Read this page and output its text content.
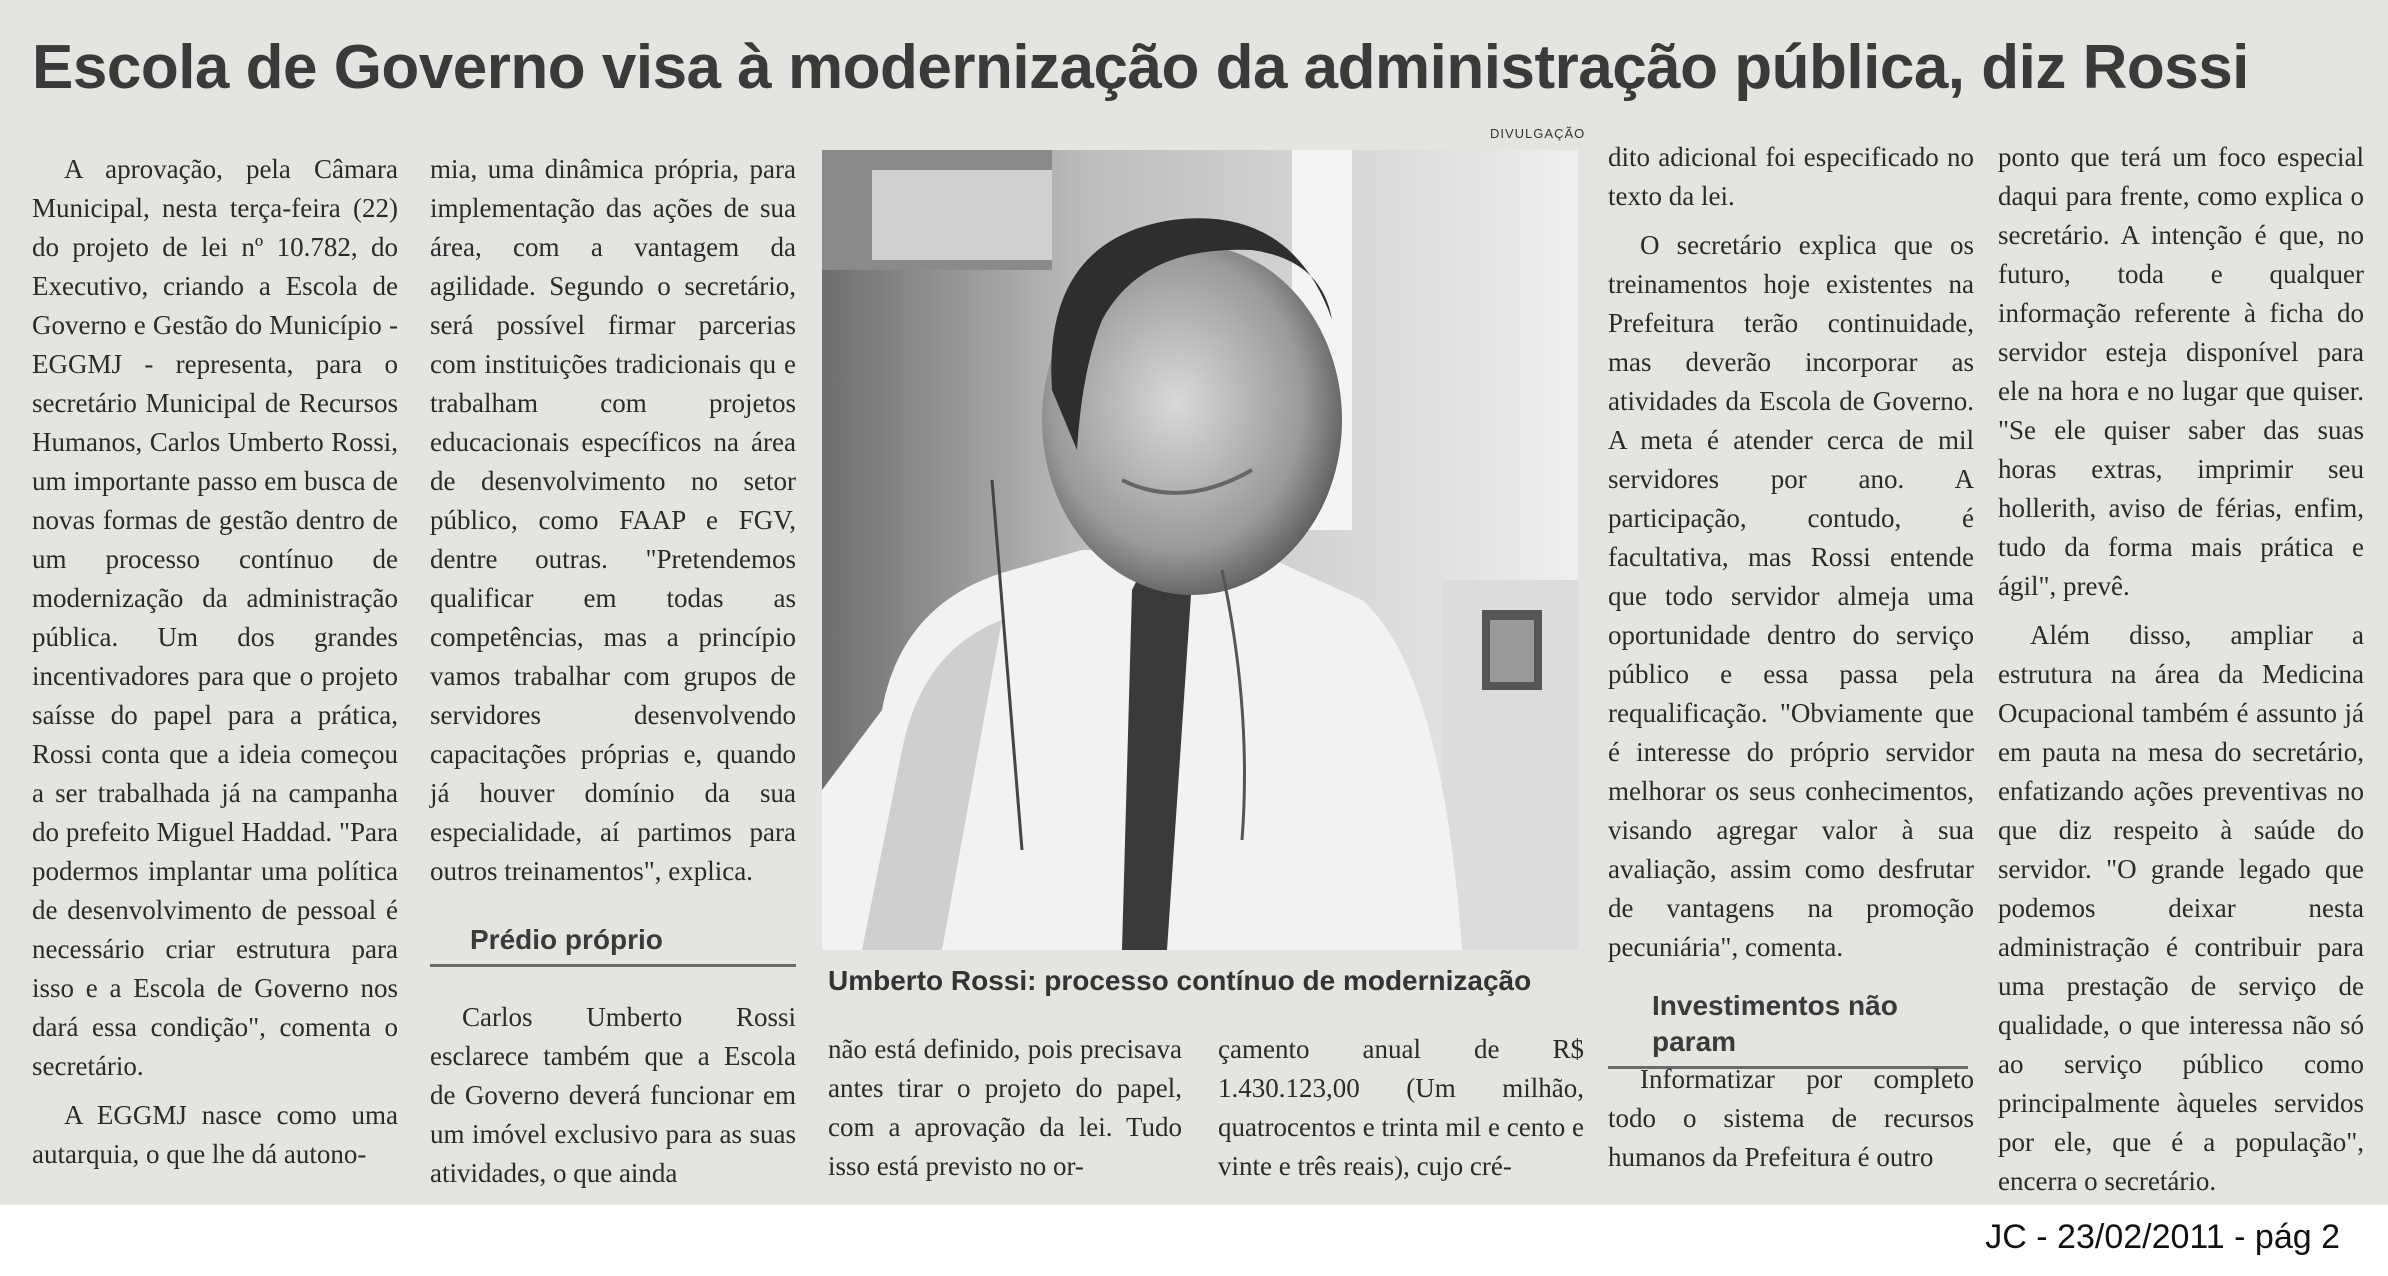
Escola de Governo visa à modernização da administração pública, diz Rossi

A aprovação, pela Câmara Municipal, nesta terça-feira (22) do projeto de lei nº 10.782, do Executivo, criando a Escola de Governo e Gestão do Município -EGGMJ - representa, para o secretário Municipal de Recursos Humanos, Carlos Umberto Rossi, um importante passo em busca de novas formas de gestão dentro de um processo contínuo de modernização da administração pública. Um dos grandes incentivadores para que o projeto saísse do papel para a prática, Rossi conta que a ideia começou a ser trabalhada já na campanha do prefeito Miguel Haddad. "Para podermos implantar uma política de desenvolvimento de pessoal é necessário criar estrutura para isso e a Escola de Governo nos dará essa condição", comenta o secretário.

A EGGMJ nasce como uma autarquia, o que lhe dá autono-

mia, uma dinâmica própria, para implementação das ações de sua área, com a vantagem da agilidade. Segundo o secretário, será possível firmar parcerias com instituições tradicionais qu e trabalham com projetos educacionais específicos na área de desenvolvimento no setor público, como FAAP e FGV, dentre outras. "Pretendemos qualificar em todas as competências, mas a princípio vamos trabalhar com grupos de servidores desenvolvendo capacitações próprias e, quando já houver domínio da sua especialidade, aí partimos para outros treinamentos", explica.

Prédio próprio

Carlos Umberto Rossi esclarece também que a Escola de Governo deverá funcionar em um imóvel exclusivo para as suas atividades, o que ainda

DIVULGAÇÃO
Umberto Rossi: processo contínuo de modernização

não está definido, pois precisava antes tirar o projeto do papel, com a aprovação da lei. Tudo isso está previsto no or-

çamento anual de R$ 1.430.123,00 (Um milhão, quatrocentos e trinta mil e cento e vinte e três reais), cujo cré-

dito adicional foi especificado no texto da lei.

O secretário explica que os treinamentos hoje existentes na Prefeitura terão continuidade, mas deverão incorporar as atividades da Escola de Governo. A meta é atender cerca de mil servidores por ano. A participação, contudo, é facultativa, mas Rossi entende que todo servidor almeja uma oportunidade dentro do serviço público e essa passa pela requalificação. "Obviamente que é interesse do próprio servidor melhorar os seus conhecimentos, visando agregar valor à sua avaliação, assim como desfrutar de vantagens na promoção pecuniária", comenta.

Investimentos não param

Informatizar por completo todo o sistema de recursos humanos da Prefeitura é outro

ponto que terá um foco especial daqui para frente, como explica o secretário. A intenção é que, no futuro, toda e qualquer informação referente à ficha do servidor esteja disponível para ele na hora e no lugar que quiser. "Se ele quiser saber das suas horas extras, imprimir seu hollerith, aviso de férias, enfim, tudo da forma mais prática e ágil", prevê.

Além disso, ampliar a estrutura na área da Medicina Ocupacional também é assunto já em pauta na mesa do secretário, enfatizando ações preventivas no que diz respeito à saúde do servidor. "O grande legado que podemos deixar nesta administração é contribuir para uma prestação de serviço de qualidade, o que interessa não só ao serviço público como principalmente àqueles servidos por ele, que é a população", encerra o secretário.

JC - 23/02/2011 - pág 2
